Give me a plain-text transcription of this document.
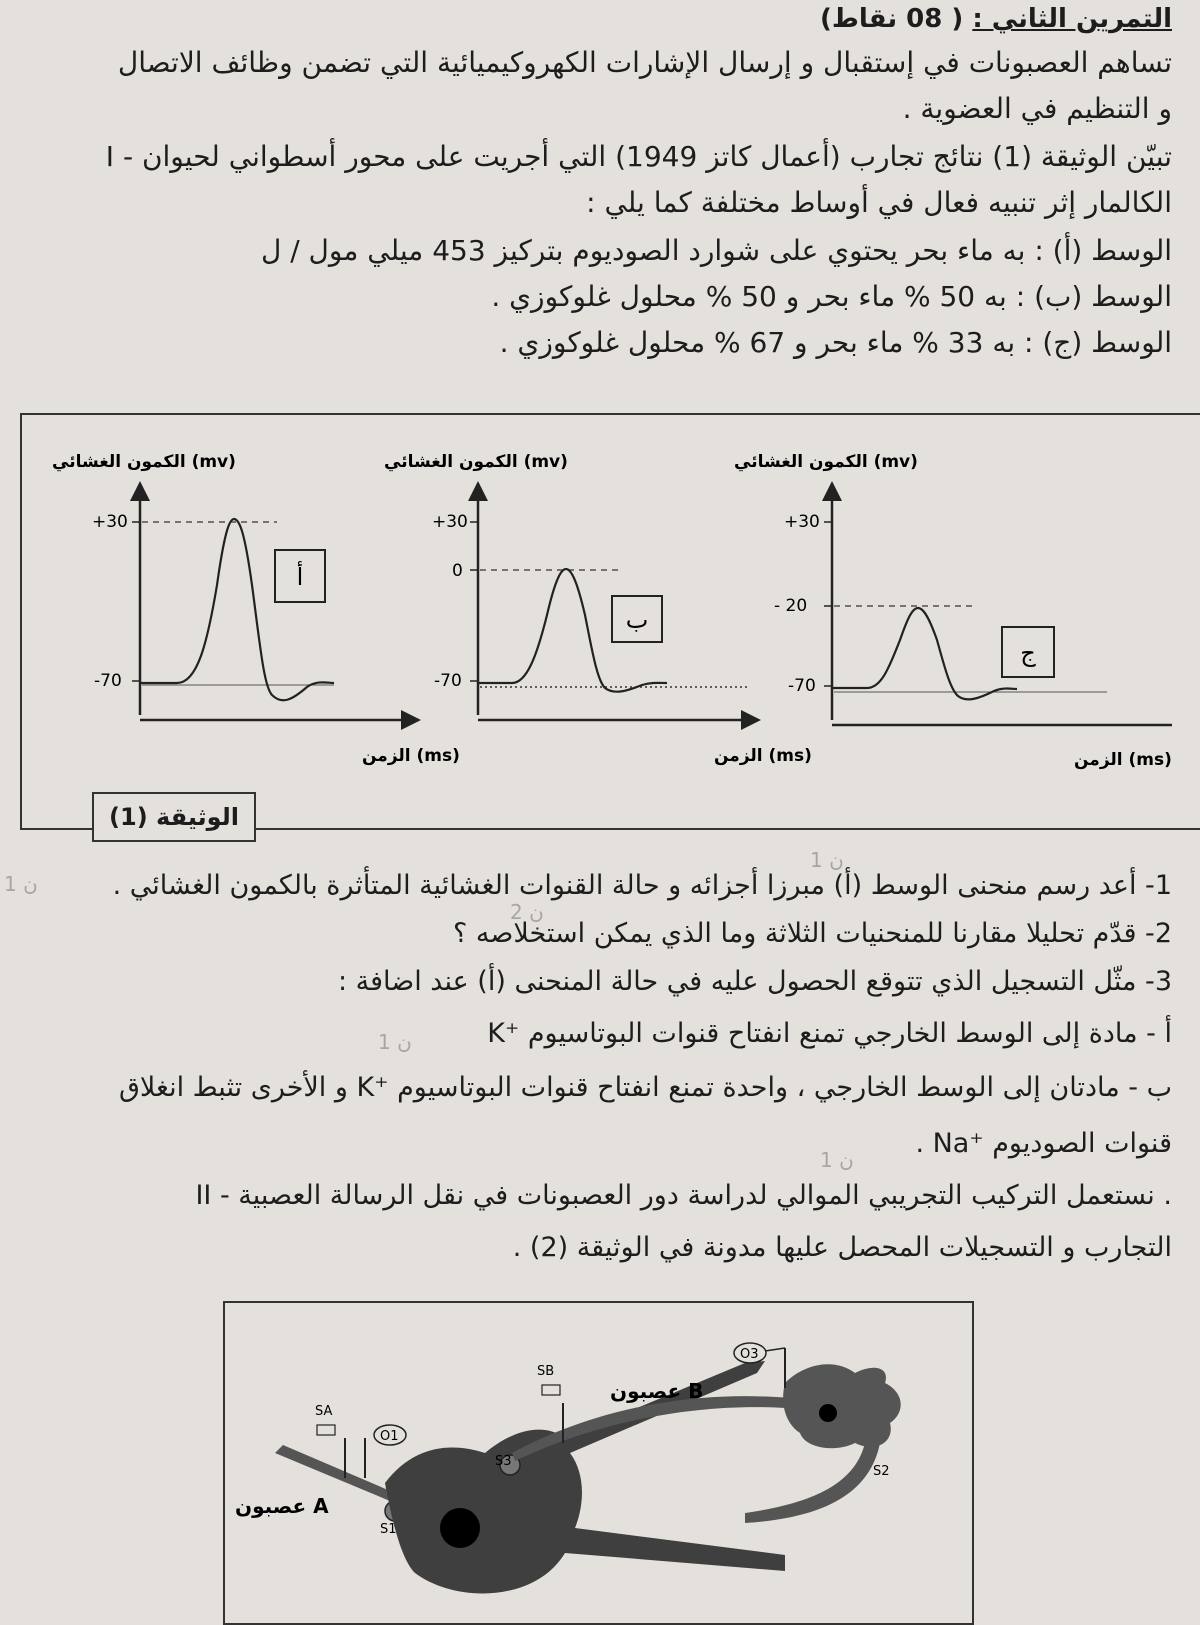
التمرين الثاني : ( 08 نقاط)
تساهم العصبونات في إستقبال و إرسال الإشارات الكهروكيميائية التي تضمن وظائف الاتصال
و التنظيم في العضوية .
I - تبيّن الوثيقة (1) نتائج تجارب (أعمال كاتز 1949) التي أجريت على محور أسطواني لحيوان
الكالمار إثر تنبيه فعال في أوساط مختلفة كما يلي :
الوسط (أ) : به ماء بحر يحتوي على شوارد الصوديوم بتركيز 453 ميلي مول / ل
الوسط (ب) : به 50 % ماء بحر و 50 % محلول غلوكوزي .
الوسط (ج) : به 33 % ماء بحر و 67 % محلول غلوكوزي .
الكمون الغشائي (mv)
+30
-70
أ
الزمن (ms)
الكمون الغشائي (mv)
+30
0
-70
ب
الزمن (ms)
الكمون الغشائي (mv)
+30
- 20
-70
ج
الزمن (ms)
الوثيقة (1)
1 ن
1 ن
2 ن
1 ن
1 ن
1- أعد رسم منحنى الوسط (أ) مبرزا أجزائه و حالة القنوات الغشائية المتأثرة بالكمون الغشائي .
2- قدّم تحليلا مقارنا للمنحنيات الثلاثة وما الذي يمكن استخلاصه ؟
3- مثّل التسجيل الذي تتوقع الحصول عليه في حالة المنحنى (أ) عند اضافة :
أ - مادة إلى الوسط الخارجي تمنع انفتاح قنوات البوتاسيوم ⁺K
ب - مادتان إلى الوسط الخارجي ، واحدة تمنع انفتاح قنوات البوتاسيوم ⁺K و الأخرى تثبط انغلاق
قنوات الصوديوم ⁺Na .
II - نستعمل التركيب التجريبي الموالي لدراسة دور العصبونات في نقل الرسالة العصبية .
التجارب و التسجيلات المحصل عليها مدونة في الوثيقة (2) .
O3
SB
SA
O1
S1
S2
S3
عصبون A
عصبون B
